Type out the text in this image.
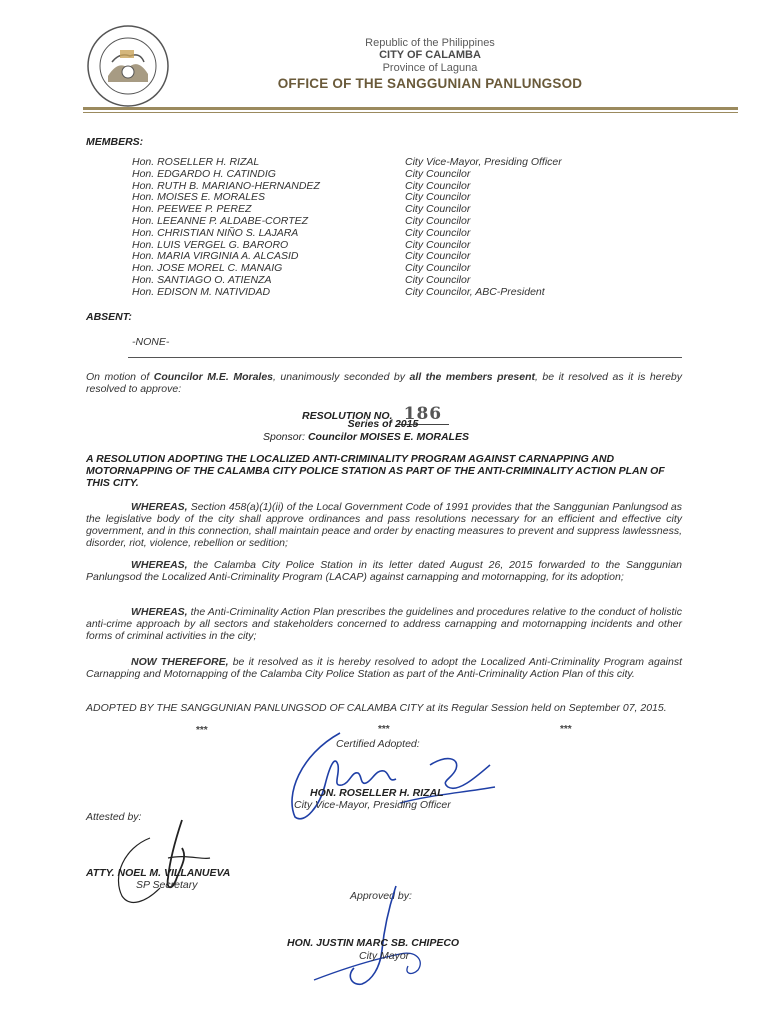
Republic of the Philippines
CITY OF CALAMBA
Province of Laguna
OFFICE OF THE SANGGUNIAN PANLUNGSOD
MEMBERS:
Hon. ROSELLER H. RIZAL	City Vice-Mayor, Presiding Officer
Hon. EDGARDO H. CATINDIG	City Councilor
Hon. RUTH B. MARIANO-HERNANDEZ	City Councilor
Hon. MOISES E. MORALES	City Councilor
Hon. PEEWEE P. PEREZ	City Councilor
Hon. LEEANNE P. ALDABE-CORTEZ	City Councilor
Hon. CHRISTIAN NIÑO S. LAJARA	City Councilor
Hon. LUIS VERGEL G. BARORO	City Councilor
Hon. MARIA VIRGINIA A. ALCASID	City Councilor
Hon. JOSE MOREL C. MANAIG	City Councilor
Hon. SANTIAGO O. ATIENZA	City Councilor
Hon. EDISON M. NATIVIDAD	City Councilor, ABC-President
ABSENT:
-NONE-
On motion of Councilor M.E. Morales, unanimously seconded by all the members present, be it resolved as it is hereby resolved to approve:
RESOLUTION NO. 186
Series of 2015
Sponsor: Councilor MOISES E. MORALES
A RESOLUTION ADOPTING THE LOCALIZED ANTI-CRIMINALITY PROGRAM AGAINST CARNAPPING AND MOTORNAPPING OF THE CALAMBA CITY POLICE STATION AS PART OF THE ANTI-CRIMINALITY ACTION PLAN OF THIS CITY.
WHEREAS, Section 458(a)(1)(ii) of the Local Government Code of 1991 provides that the Sanggunian Panlungsod as the legislative body of the city shall approve ordinances and pass resolutions necessary for an efficient and effective city government, and in this connection, shall maintain peace and order by enacting measures to prevent and suppress lawlessness, disorder, riot, violence, rebellion or sedition;
WHEREAS, the Calamba City Police Station in its letter dated August 26, 2015 forwarded to the Sanggunian Panlungsod the Localized Anti-Criminality Program (LACAP) against carnapping and motornapping, for its adoption;
WHEREAS, the Anti-Criminality Action Plan prescribes the guidelines and procedures relative to the conduct of holistic anti-crime approach by all sectors and stakeholders concerned to address carnapping and motornapping incidents and other forms of criminal activities in the city;
NOW THEREFORE, be it resolved as it is hereby resolved to adopt the Localized Anti-Criminality Program against Carnapping and Motornapping of the Calamba City Police Station as part of the Anti-Criminality Action Plan of this city.
ADOPTED BY THE SANGGUNIAN PANLUNGSOD OF CALAMBA CITY at its Regular Session held on September 07, 2015.
***	***	***
Certified Adopted:
HON. ROSELLER H. RIZAL
City Vice-Mayor, Presiding Officer
Attested by:
ATTY. NOEL M. VILLANUEVA
SP Secretary
Approved by:
HON. JUSTIN MARC SB. CHIPECO
City Mayor
